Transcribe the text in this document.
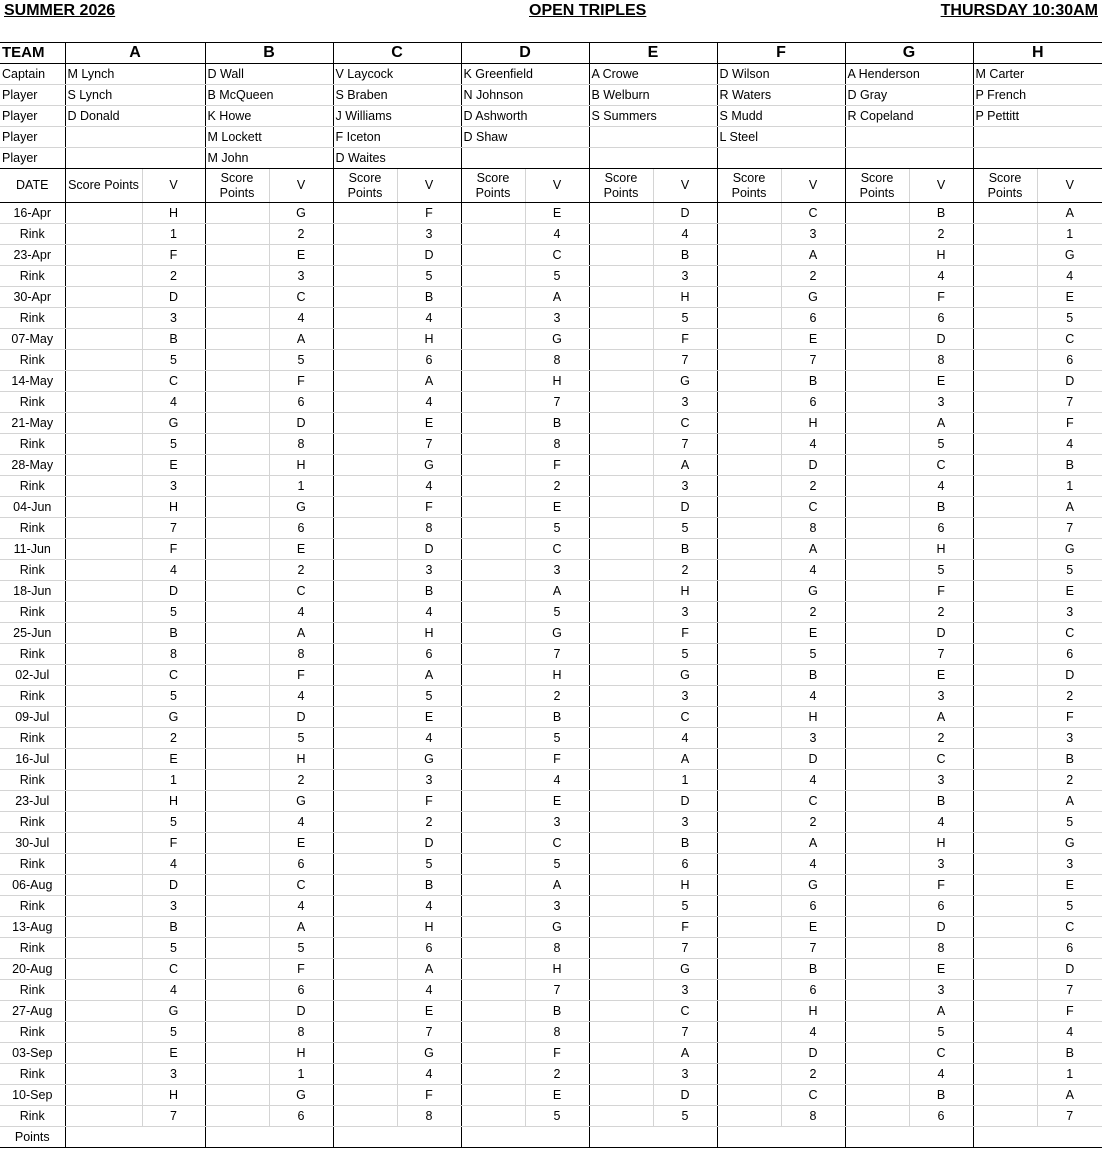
SUMMER 2026	OPEN TRIPLES	THURSDAY 10:30AM
TEAM	A		B		C		D		E		F		G		H	
Captain	M Lynch		D Wall		V Laycock		K Greenfield		A Crowe		D Wilson		A Henderson		M Carter	
Player	S Lynch		B McQueen		S Braben		N Johnson		B Welburn		R Waters		D Gray		P French	
Player	D Donald		K Howe		J Williams		D Ashworth		S Summers		S Mudd		R Copeland		P Pettitt	
Player			M Lockett		F Iceton		D Shaw				L Steel					
Player			M John		D Waites											
DATE	Score Points	V	Score Points	V	Score Points	V	Score Points	V	Score Points	V	Score Points	V	Score Points	V	Score Points	V
16-Apr		H		G		F		E		D		C		B		A
Rink		1		2		3		4		4		3		2		1
23-Apr		F		E		D		C		B		A		H		G
Rink		2		3		5		5		3		2		4		4
30-Apr		D		C		B		A		H		G		F		E
Rink		3		4		4		3		5		6		6		5
07-May		B		A		H		G		F		E		D		C
Rink		5		5		6		8		7		7		8		6
14-May		C		F		A		H		G		B		E		D
Rink		4		6		4		7		3		6		3		7
21-May		G		D		E		B		C		H		A		F
Rink		5		8		7		8		7		4		5		4
28-May		E		H		G		F		A		D		C		B
Rink		3		1		4		2		3		2		4		1
04-Jun		H		G		F		E		D		C		B		A
Rink		7		6		8		5		5		8		6		7
11-Jun		F		E		D		C		B		A		H		G
Rink		4		2		3		3		2		4		5		5
18-Jun		D		C		B		A		H		G		F		E
Rink		5		4		4		5		3		2		2		3
25-Jun		B		A		H		G		F		E		D		C
Rink		8		8		6		7		5		5		7		6
02-Jul		C		F		A		H		G		B		E		D
Rink		5		4		5		2		3		4		3		2
09-Jul		G		D		E		B		C		H		A		F
Rink		2		5		4		5		4		3		2		3
16-Jul		E		H		G		F		A		D		C		B
Rink		1		2		3		4		1		4		3		2
23-Jul		H		G		F		E		D		C		B		A
Rink		5		4		2		3		3		2		4		5
30-Jul		F		E		D		C		B		A		H		G
Rink		4		6		5		5		6		4		3		3
06-Aug		D		C		B		A		H		G		F		E
Rink		3		4		4		3		5		6		6		5
13-Aug		B		A		H		G		F		E		D		C
Rink		5		5		6		8		7		7		8		6
20-Aug		C		F		A		H		G		B		E		D
Rink		4		6		4		7		3		6		3		7
27-Aug		G		D		E		B		C		H		A		F
Rink		5		8		7		8		7		4		5		4
03-Sep		E		H		G		F		A		D		C		B
Rink		3		1		4		2		3		2		4		1
10-Sep		H		G		F		E		D		C		B		A
Rink		7		6		8		5		5		8		6		7
Points																
